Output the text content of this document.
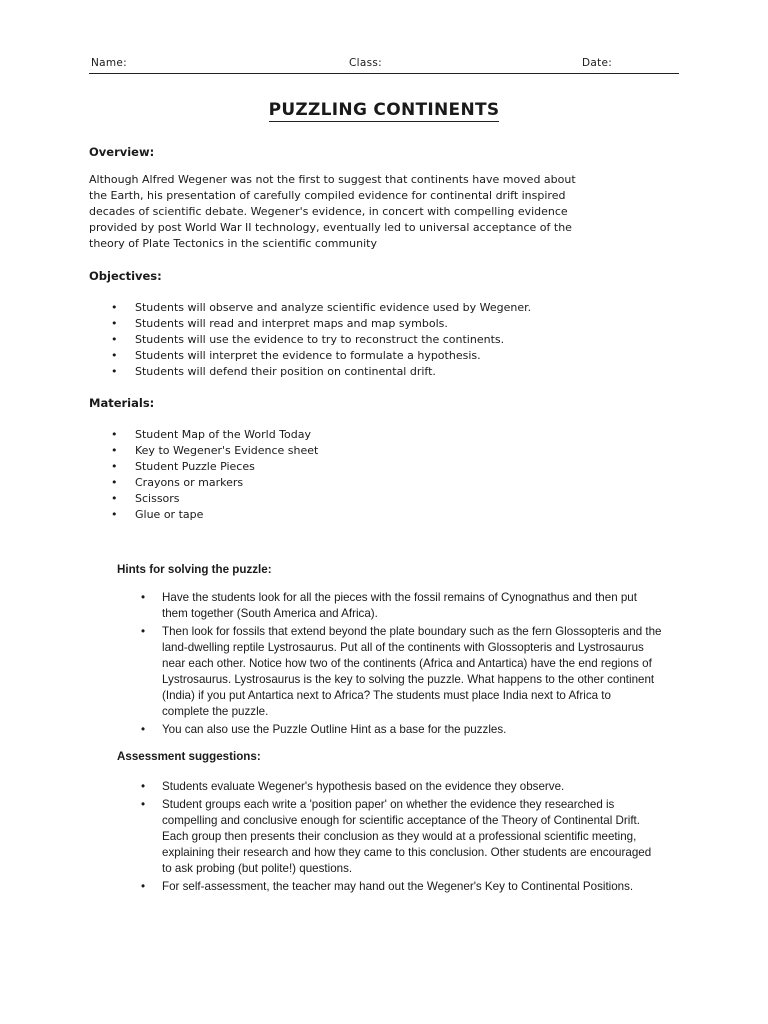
Name:	Class:	Date:
PUZZLING CONTINENTS

Overview:

Although Alfred Wegener was not the first to suggest that continents have moved about

the Earth, his presentation of carefully compiled evidence for continental drift inspired

decades of scientific debate. Wegener's evidence, in concert with compelling evidence

provided by post World War II technology, eventually led to universal acceptance of the

theory of Plate Tectonics in the scientific community

Objectives:

• Students will observe and analyze scientific evidence used by Wegener.
• Students will read and interpret maps and map symbols.
• Students will use the evidence to try to reconstruct the continents.
• Students will interpret the evidence to formulate a hypothesis.
• Students will defend their position on continental drift.

Materials:

• Student Map of the World Today
• Key to Wegener's Evidence sheet
• Student Puzzle Pieces
• Crayons or markers
• Scissors
• Glue or tape

Hints for solving the puzzle:

• Have the students look for all the pieces with the fossil remains of Cynognathus and then put
them together (South America and Africa).
• Then look for fossils that extend beyond the plate boundary such as the fern Glossopteris and the
land-dwelling reptile Lystrosaurus. Put all of the continents with Glossopteris and Lystrosaurus
near each other. Notice how two of the continents (Africa and Antartica) have the end regions of
Lystrosaurus. Lystrosaurus is the key to solving the puzzle. What happens to the other continent
(India) if you put Antartica next to Africa? The students must place India next to Africa to
complete the puzzle.
• You can also use the Puzzle Outline Hint as a base for the puzzles.

Assessment suggestions:

• Students evaluate Wegener's hypothesis based on the evidence they observe.
• Student groups each write a 'position paper' on whether the evidence they researched is
compelling and conclusive enough for scientific acceptance of the Theory of Continental Drift.
Each group then presents their conclusion as they would at a professional scientific meeting,
explaining their research and how they came to this conclusion. Other students are encouraged
to ask probing (but polite!) questions.
• For self-assessment, the teacher may hand out the Wegener's Key to Continental Positions.
